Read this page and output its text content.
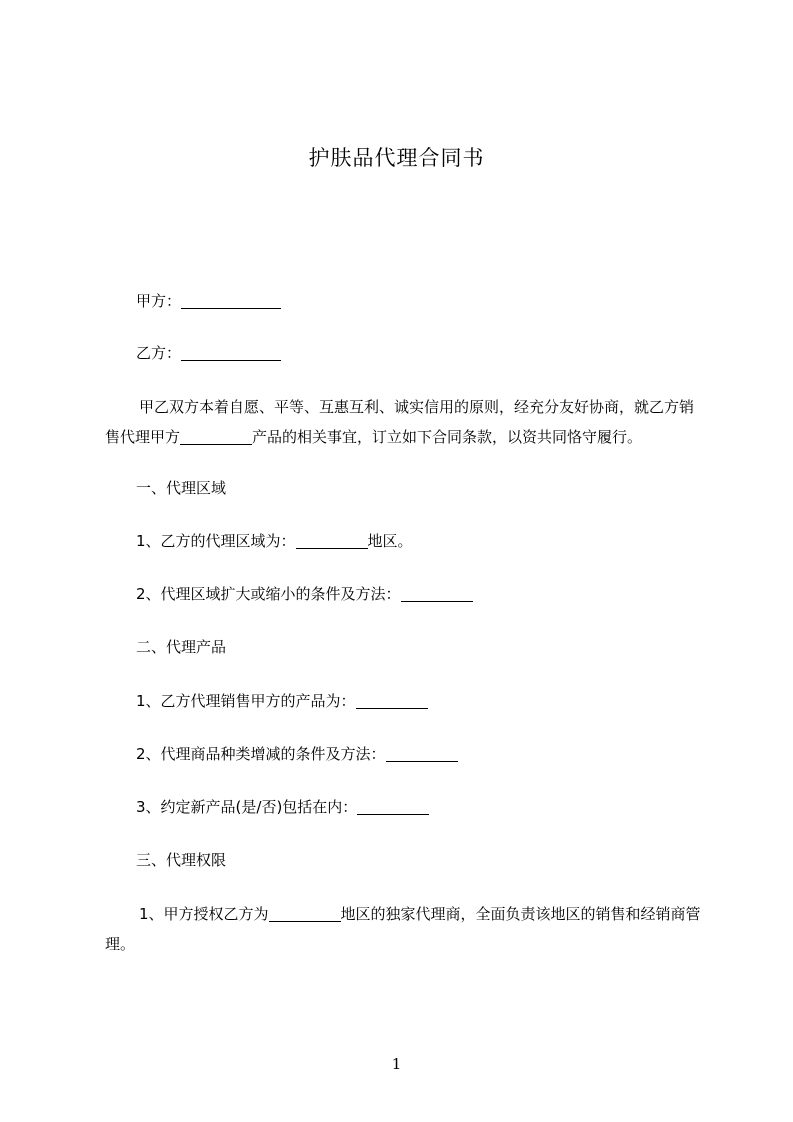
护肤品代理合同书
甲方：
乙方：
甲乙双方本着自愿、平等、互惠互利、诚实信用的原则，经充分友好协商，就乙方销售代理甲方	产品的相关事宜，订立如下合同条款，以资共同恪守履行。
一、代理区域
1、乙方的代理区域为：	地区。
2、代理区域扩大或缩小的条件及方法：
二、代理产品
1、乙方代理销售甲方的产品为：
2、代理商品种类增减的条件及方法：
3、约定新产品(是/否)包括在内：
三、代理权限
1、甲方授权乙方为	地区的独家代理商，全面负责该地区的销售和经销商管理。
1
